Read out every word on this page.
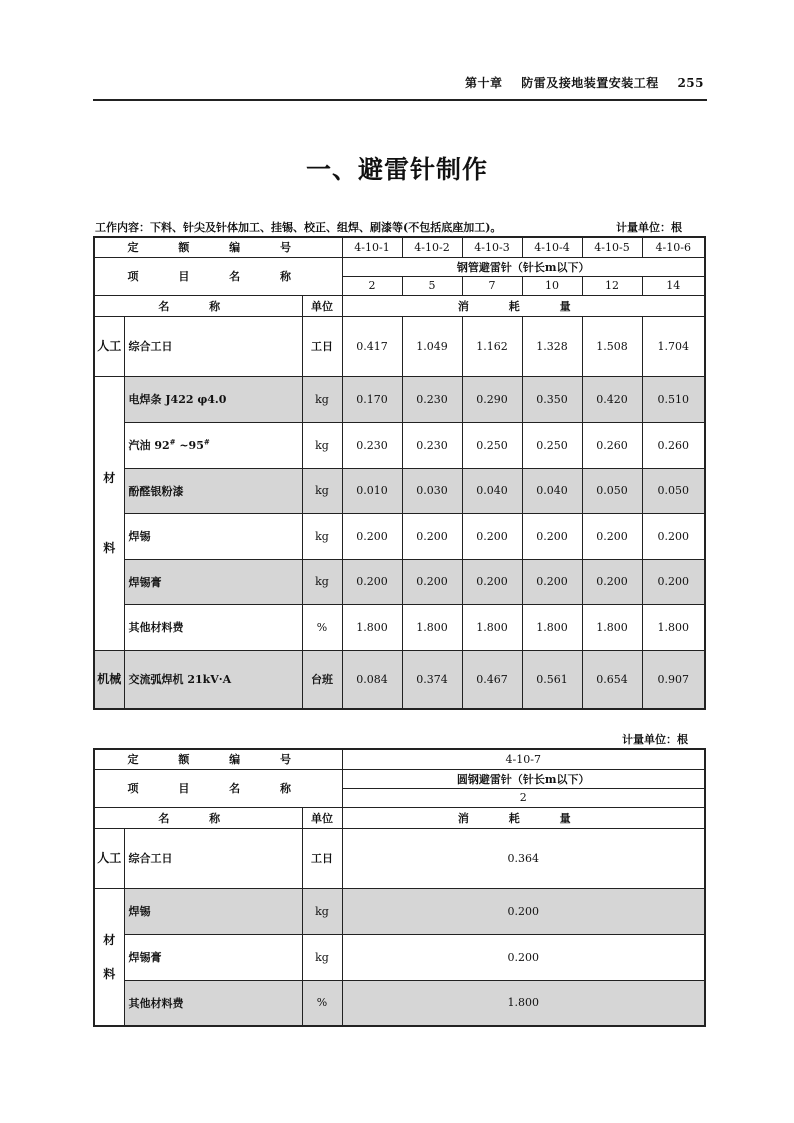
第十章 防雷及接地装置安装工程 255
一、避雷针制作
工作内容：下料、针尖及针体加工、挂锡、校正、组焊、刷漆等(不包括底座加工)。	计量单位：根
定 额 编 号			4-10-1	4-10-2	4-10-3	4-10-4	4-10-5	4-10-6
项 目 名 称			钢管避雷针（针长m以下）					
			2	5	7	10	12	14
名 称		单位	消 耗 量					
人工	综合工日	工日	0.417	1.049	1.162	1.328	1.508	1.704
材
料	电焊条 J422 φ4.0	kg	0.170	0.230	0.290	0.350	0.420	0.510
	汽油 92# ~95#	kg	0.230	0.230	0.250	0.250	0.260	0.260
	酚醛银粉漆	kg	0.010	0.030	0.040	0.040	0.050	0.050
	焊锡	kg	0.200	0.200	0.200	0.200	0.200	0.200
	焊锡膏	kg	0.200	0.200	0.200	0.200	0.200	0.200
	其他材料费	%	1.800	1.800	1.800	1.800	1.800	1.800
机械	交流弧焊机 21kV·A	台班	0.084	0.374	0.467	0.561	0.654	0.907
计量单位：根
定 额 编 号			4-10-7
项 目 名 称			圆钢避雷针（针长m以下）
			2
名 称		单位	消 耗 量
人工	综合工日	工日	0.364
材
料	焊锡	kg	0.200
	焊锡膏	kg	0.200
	其他材料费	%	1.800
